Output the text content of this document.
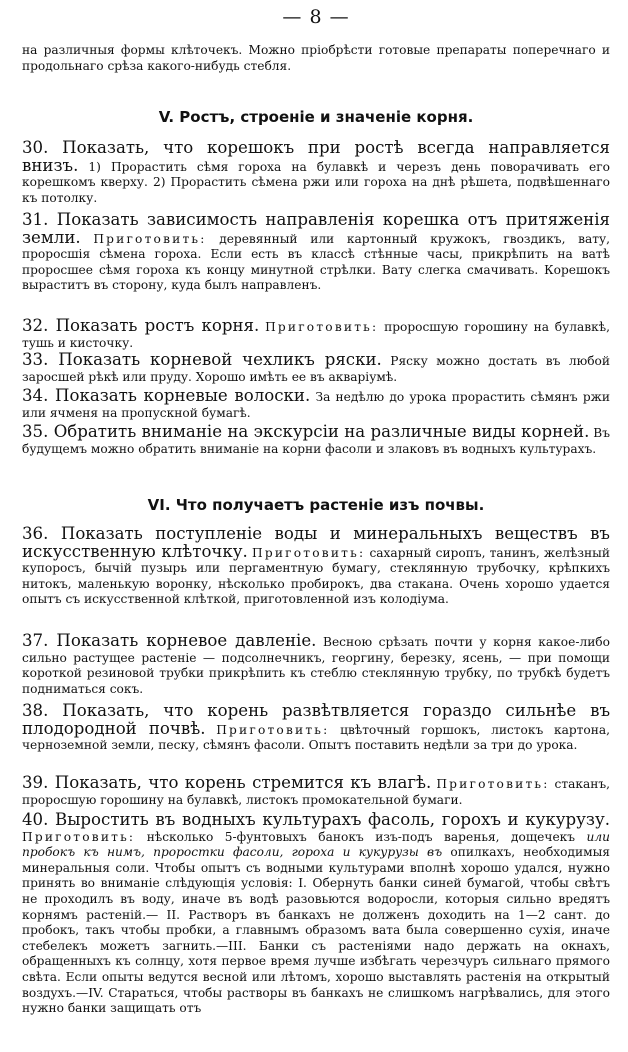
— 8 —

на различныя формы клѣточекъ. Можно пріобрѣсти готовые препараты поперечнаго и продольнаго срѣза какого-нибудь стебля.

V. Ростъ, строеніе и значеніе корня.

30. Показать, что корешокъ при ростѣ всегда направляется внизъ. 1) Прорастить сѣмя гороха на булавкѣ и черезъ день поворачивать его корешкомъ кверху. 2) Прорастить сѣмена ржи или гороха на днѣ рѣшета, подвѣшеннаго къ потолку.

31. Показать зависимость направленія корешка отъ притяженія земли. Приготовить: деревянный или картонный кружокъ, гвоздикъ, вату, проросшія сѣмена гороха. Если есть въ классѣ стѣнные часы, прикрѣпить на ватѣ проросшее сѣмя гороха къ концу минутной стрѣлки. Вату слегка смачивать. Корешокъ выраститъ въ сторону, куда былъ направленъ.

32. Показать ростъ корня. Приготовить: проросшую горошину на булавкѣ, тушь и кисточку.

33. Показать корневой чехликъ ряски. Ряску можно достать въ любой заросшей рѣкѣ или пруду. Хорошо имѣть ее въ акваріумѣ.

34. Показать корневые волоски. За недѣлю до урока прорастить сѣмянъ ржи или ячменя на пропускной бумагѣ.

35. Обратить вниманіе на экскурсіи на различные виды корней. Въ будущемъ можно обратить вниманіе на корни фасоли и злаковъ въ водныхъ культурахъ.

VI. Что получаетъ растеніе изъ почвы.

36. Показать поступленіе воды и минеральныхъ веществъ въ искусственную клѣточку. Приготовить: сахарный сиропъ, танинъ, желѣзный купоросъ, бычій пузырь или пергаментную бумагу, стеклянную трубочку, крѣпкихъ нитокъ, маленькую воронку, нѣсколько пробирокъ, два стакана. Очень хорошо удается опытъ съ искусственной клѣткой, приготовленной изъ колодіума.

37. Показать корневое давленіе. Весною срѣзать почти у корня какое-либо сильно растущее растеніе — подсолнечникъ, георгину, березку, ясень, — при помощи короткой резиновой трубки прикрѣпить къ стеблю стеклянную трубку, по трубкѣ будетъ подниматься сокъ.

38. Показать, что корень развѣтвляется гораздо сильнѣе въ плодородной почвѣ. Приготовить: цвѣточный горшокъ, листокъ картона, черноземной земли, песку, сѣмянъ фасоли. Опытъ поставить недѣли за три до урока.

39. Показать, что корень стремится къ влагѣ. Приготовить: стаканъ, проросшую горошину на булавкѣ, листокъ промокательной бумаги.

40. Выростить въ водныхъ культурахъ фасоль, горохъ и кукурузу. Приготовить: нѣсколько 5-фунтовыхъ банокъ изъ-подъ варенья, дощечекъ или пробокъ къ нимъ, проростки фасоли, гороха и кукурузы въ опилкахъ, необходимыя минеральныя соли. Чтобы опытъ съ водными культурами вполнѣ хорошо удался, нужно принять во вниманіе слѣдующія условія: I. Обернуть банки синей бумагой, чтобы свѣтъ не проходилъ въ воду, иначе въ водѣ разовьются водоросли, которыя сильно вредятъ корнямъ растеній.— II. Растворъ въ банкахъ не долженъ доходить на 1—2 сант. до пробокъ, такъ чтобы пробки, а главнымъ образомъ вата была совершенно сухія, иначе стебелекъ можетъ загнить.—III. Банки съ растеніями надо держать на окнахъ, обращенныхъ къ солнцу, хотя первое время лучше избѣгать черезчуръ сильнаго прямого свѣта. Если опыты ведутся весной или лѣтомъ, хорошо выставлять растенія на открытый воздухъ.—IV. Стараться, чтобы растворы въ банкахъ не слишкомъ нагрѣвались, для этого нужно банки защищать отъ
